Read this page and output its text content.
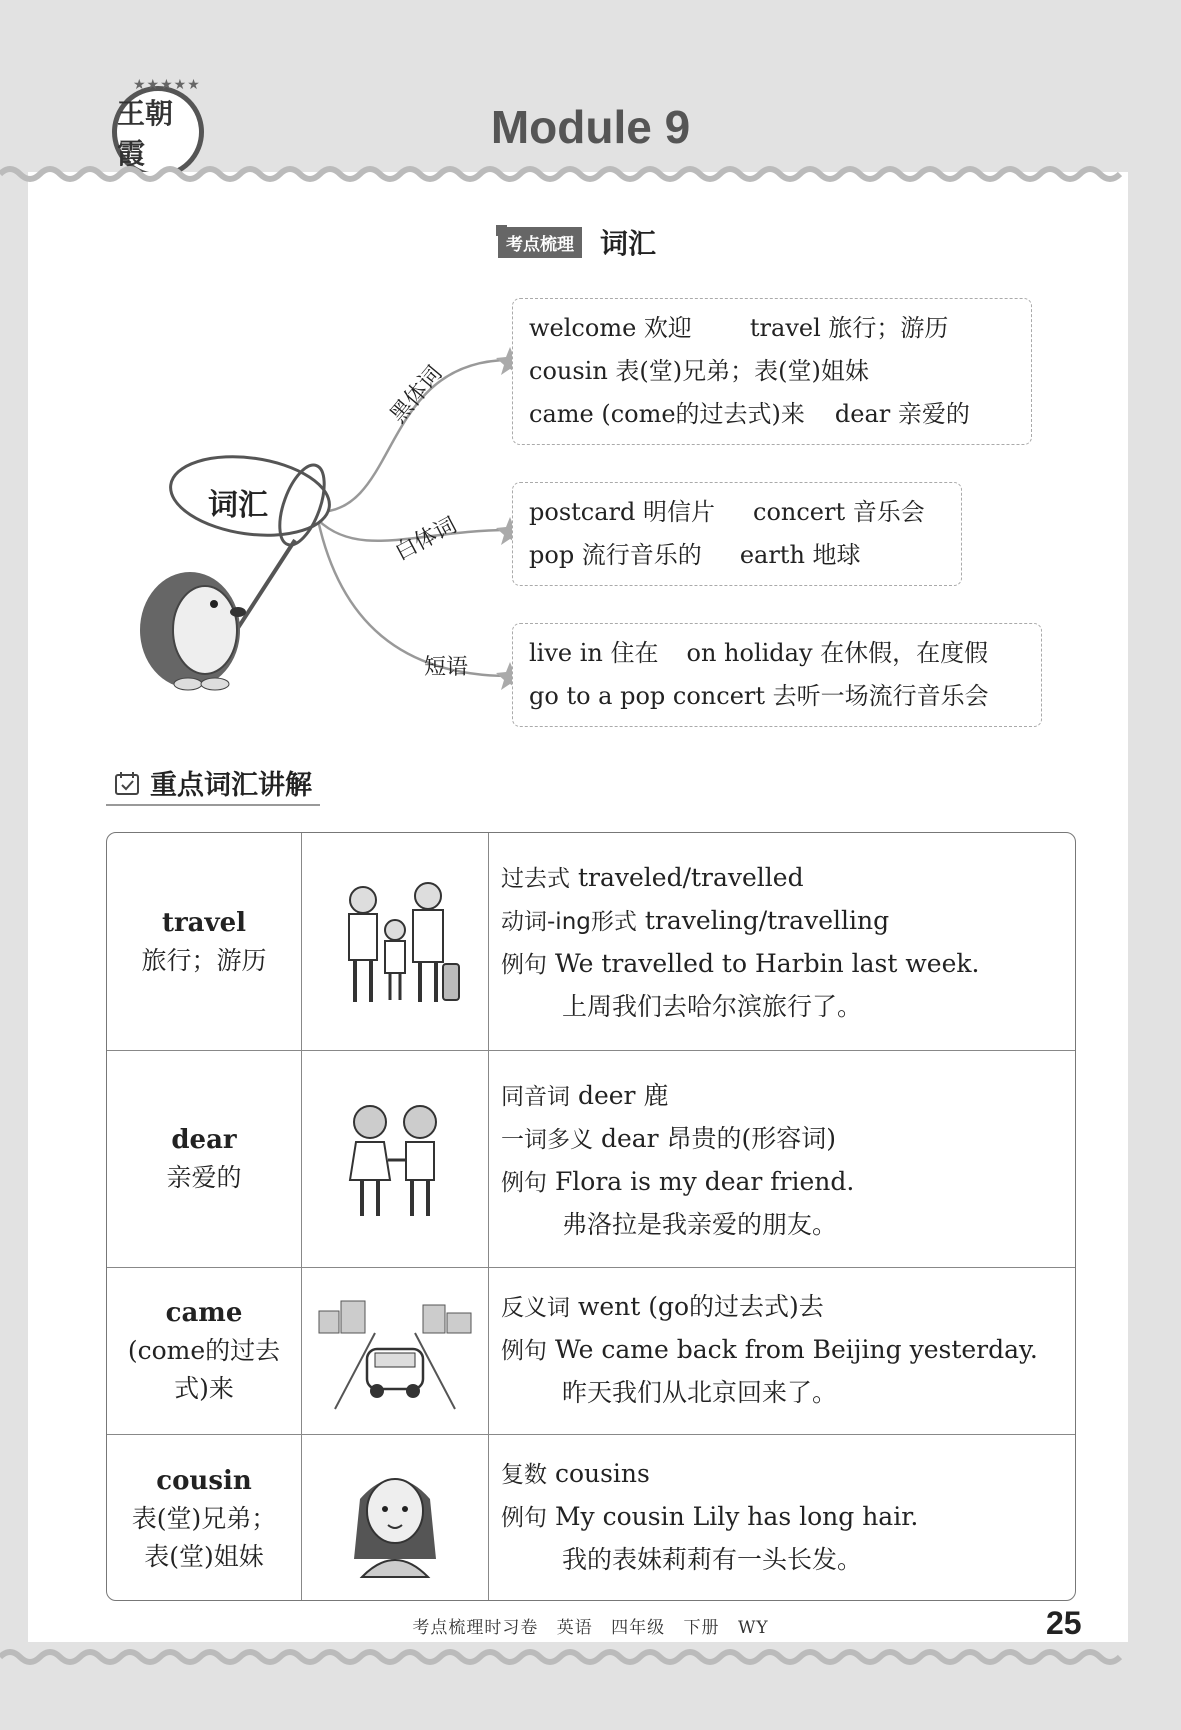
★★★★★
王朝霞
Module 9
考点梳理 词汇
词汇
黑体词
白体词
短语
welcome 欢迎 travel 旅行；游历
cousin 表(堂)兄弟；表(堂)姐妹
came (come的过去式)来 dear 亲爱的
postcard 明信片 concert 音乐会
pop 流行音乐的 earth 地球
live in 住在 on holiday 在休假，在度假
go to a pop concert 去听一场流行音乐会
重点词汇讲解
travel
旅行；游历
过去式 traveled/travelled
动词-ing形式 traveling/travelling
例句 We travelled to Harbin last week.
上周我们去哈尔滨旅行了。
dear
亲爱的
同音词 deer 鹿
一词多义 dear 昂贵的(形容词)
例句 Flora is my dear friend.
弗洛拉是我亲爱的朋友。
came
(come的过去式)来
反义词 went (go的过去式)去
例句 We came back from Beijing yesterday.
昨天我们从北京回来了。
cousin
表(堂)兄弟；表(堂)姐妹
复数 cousins
例句 My cousin Lily has long hair.
我的表妹莉莉有一头长发。
考点梳理时习卷 英语 四年级 下册 WY	25
